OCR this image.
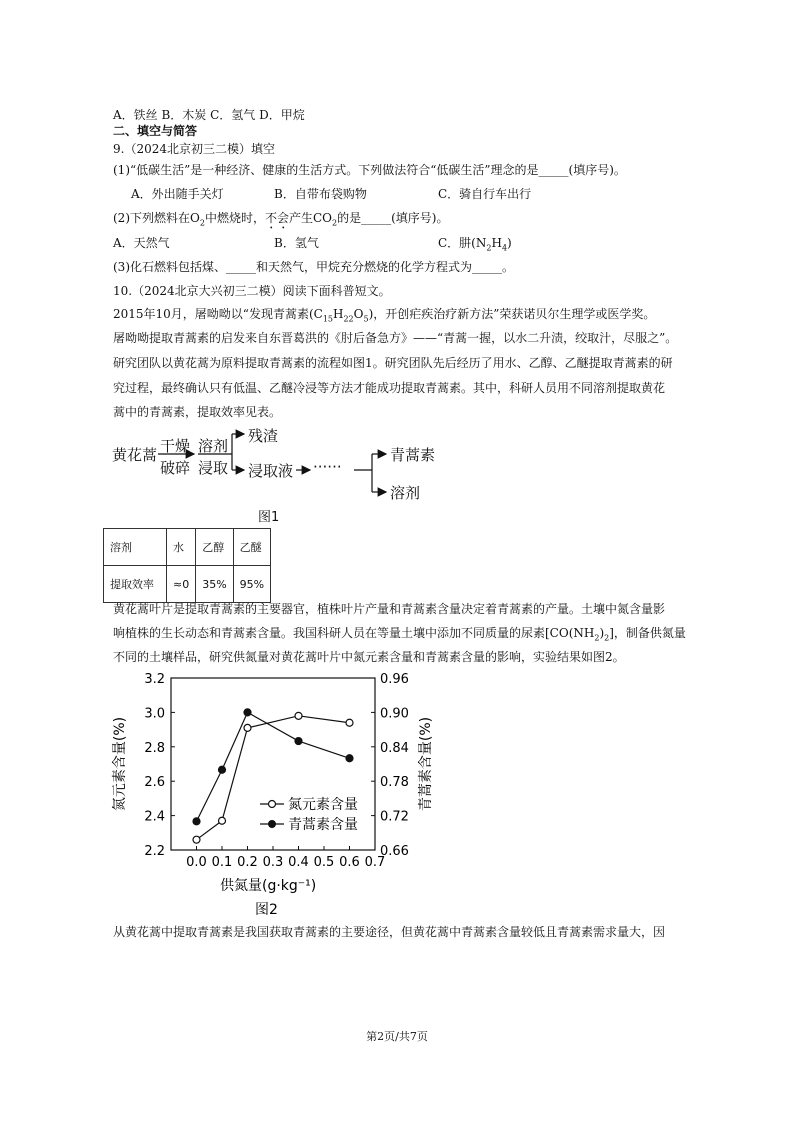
A．铁丝 B．木炭 C．氢气 D．甲烷
二、填空与简答
9.（2024北京初三二模）填空
(1)“低碳生活”是一种经济、健康的生活方式。下列做法符合“低碳生活”理念的是_____(填序号)。
A．外出随手关灯	B．自带布袋购物	C．骑自行车出行
(2)下列燃料在$O_2$中燃烧时，不会产生$CO_2$的是_____(填序号)。
A．天然气	B．氢气	C．肼$(N_2H_4)$
(3)化石燃料包括煤、_____和天然气，甲烷充分燃烧的化学方程式为_____。
10.（2024北京大兴初三二模）阅读下面科普短文。
2015年10月，屠呦呦以“发现青蒿素$(C_{15}H_{22}O_5)$，开创疟疾治疗新方法”荣获诺贝尔生理学或医学奖。
屠呦呦提取青蒿素的启发来自东晋葛洪的《肘后备急方》——“青蒿一握，以水二升渍，绞取汁，尽服之”。
研究团队以黄花蒿为原料提取青蒿素的流程如图1。研究团队先后经历了用水、乙醇、乙醚提取青蒿素的研
究过程，最终确认只有低温、乙醚冷浸等方法才能成功提取青蒿素。其中，科研人员用不同溶剂提取黄花
蒿中的青蒿素，提取效率见表。
黄花蒿 干燥
破碎
溶剂
浸取
残渣
浸取液 ······
青蒿素
溶剂
图1
溶剂	水	乙醇	乙醚
提取效率	≈0	35%	95%
黄花蒿叶片是提取青蒿素的主要器官，植株叶片产量和青蒿素含量决定着青蒿素的产量。土壤中氮含量影
响植株的生长动态和青蒿素含量。我国科研人员在等量土壤中添加不同质量的尿素$[CO(NH_2)_2]$，制备供氮量
不同的土壤样品，研究供氮量对黄花蒿叶片中氮元素含量和青蒿素含量的影响，实验结果如图2。
0.0 0.1 0.2 0.3 0.4 0.5 0.6 0.7
2.2
2.4
2.6
2.8
3.0
3.2
0.66
0.72
0.78
0.84
0.90
0.96
氮元素含量
青蒿素含量
供氮量(g·kg⁻¹)
氮元素含量(%)	青蒿素含量(%)
图2
从黄花蒿中提取青蒿素是我国获取青蒿素的主要途径，但黄花蒿中青蒿素含量较低且青蒿素需求量大，因
第2页/共7页
